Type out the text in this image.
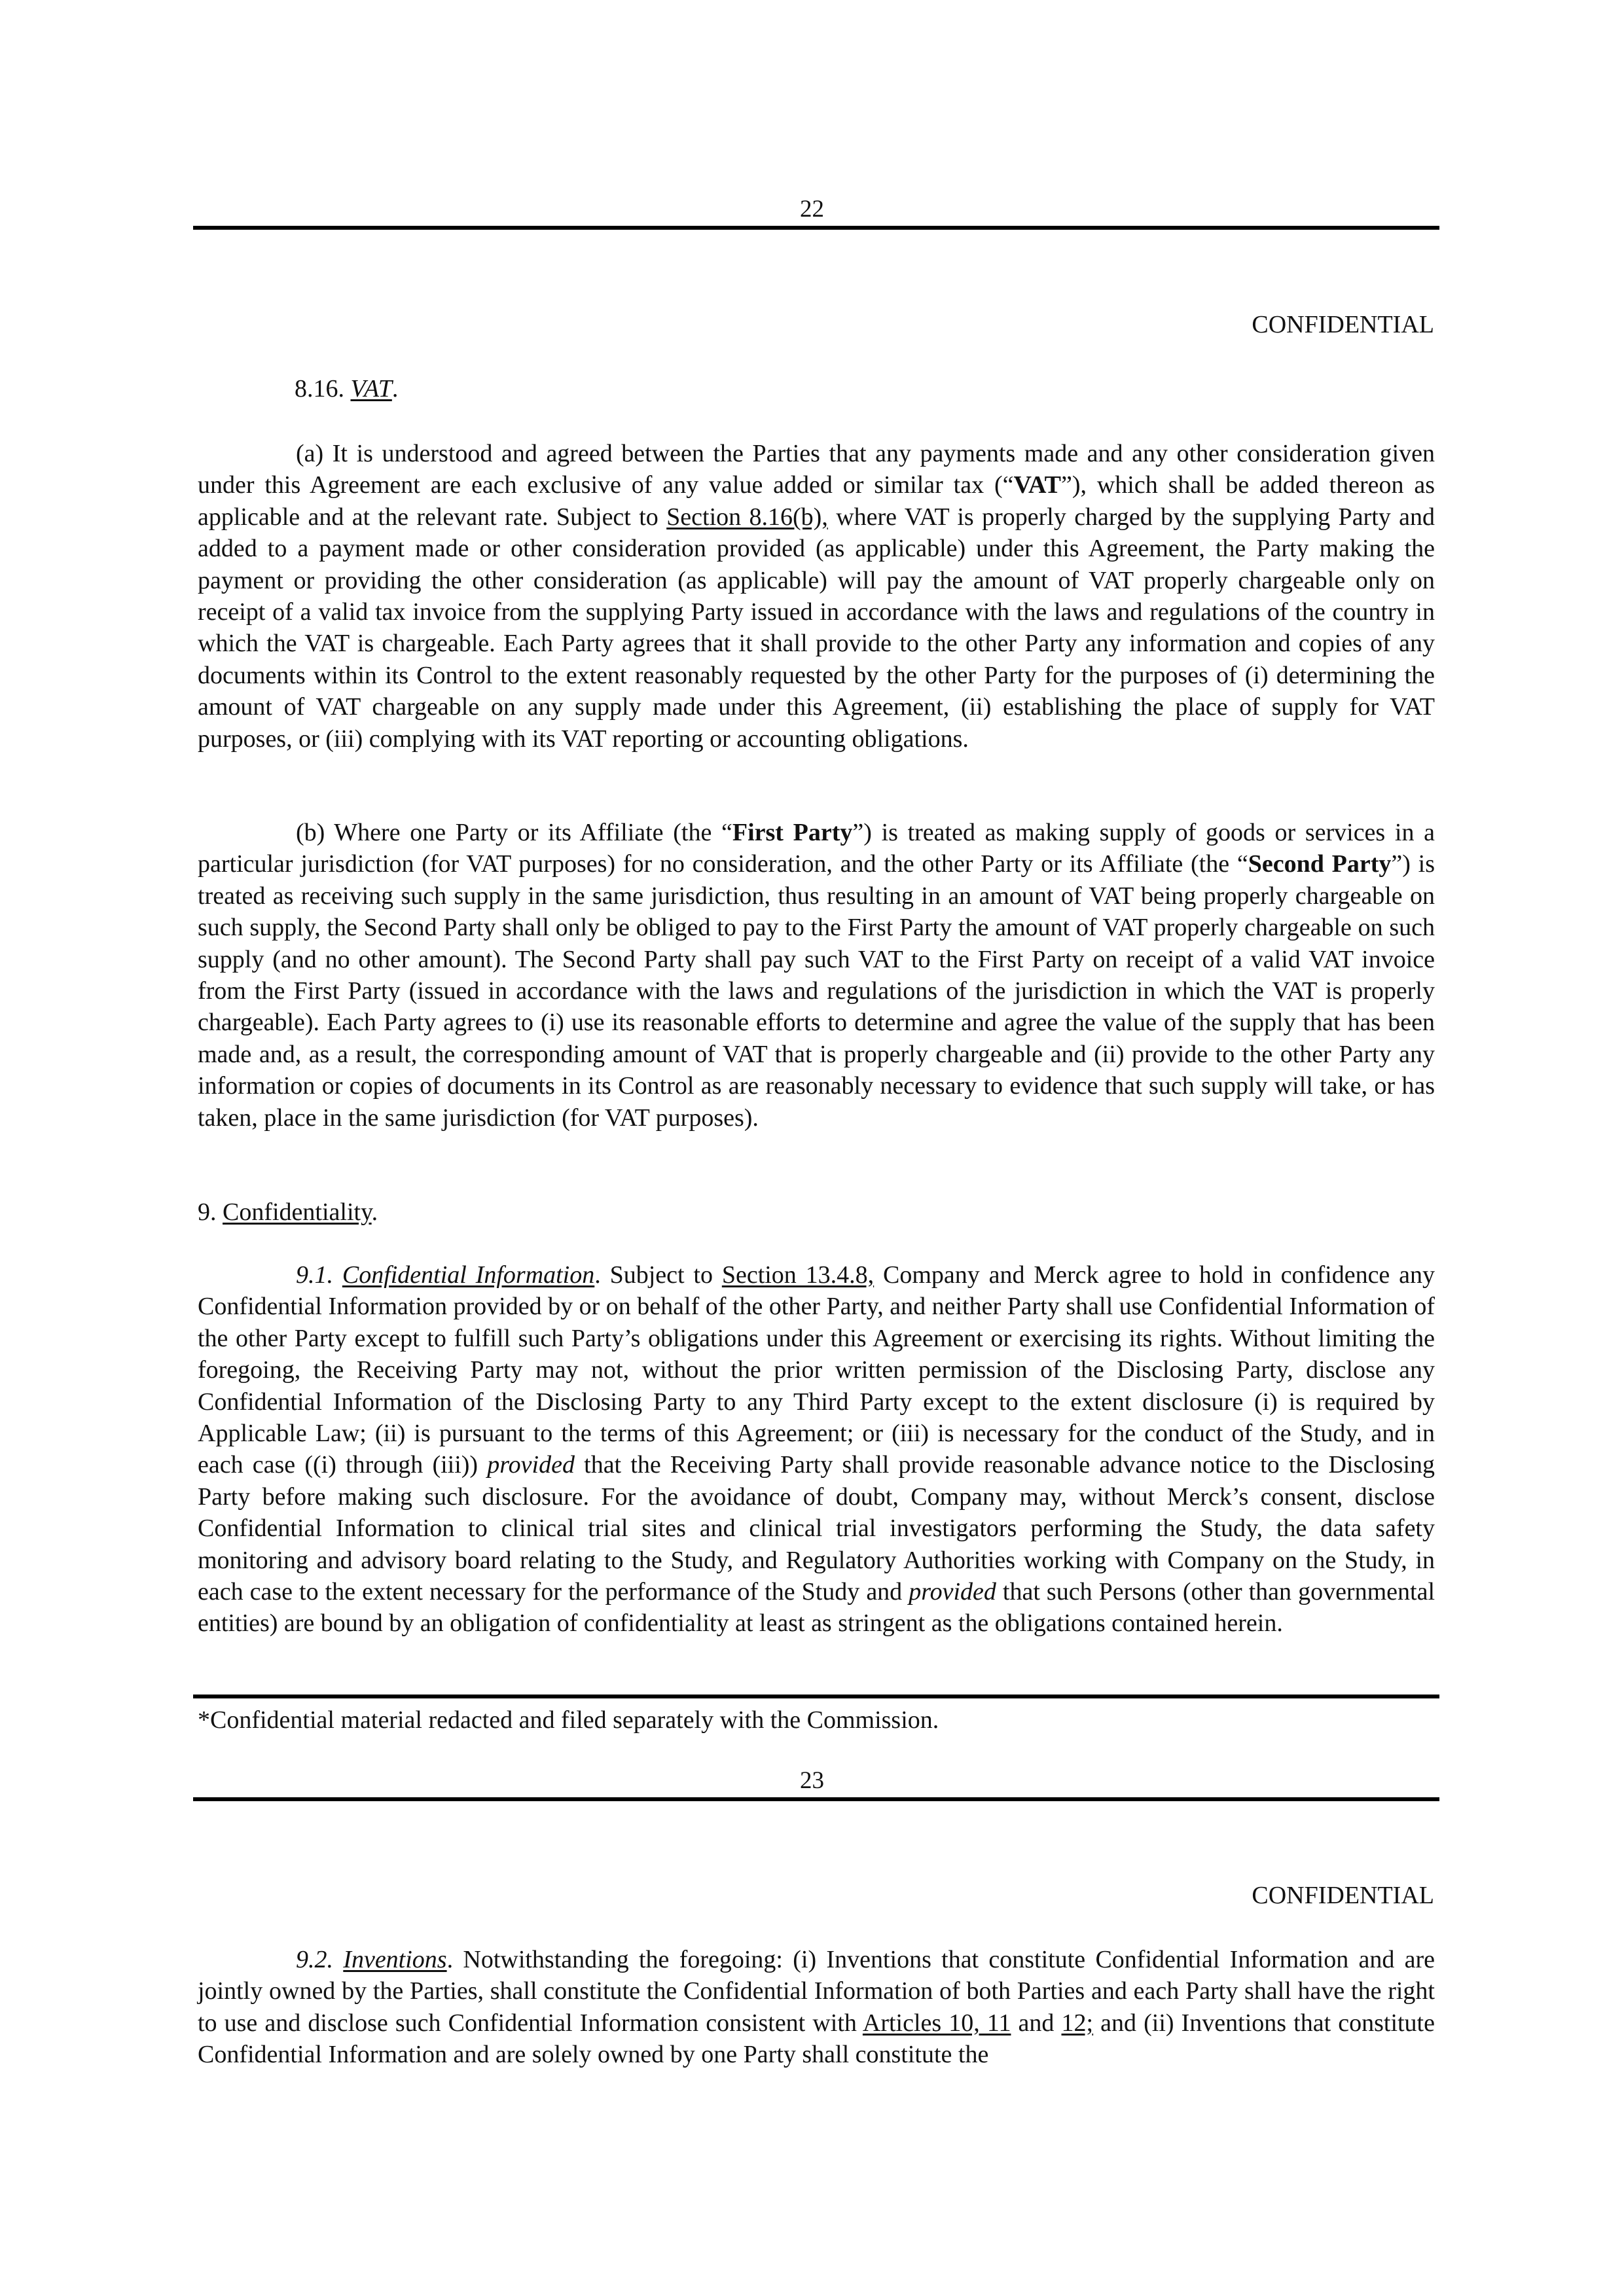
22
CONFIDENTIAL
8.16. VAT.

(a) It is understood and agreed between the Parties that any payments made and any other consideration given under this Agreement are each exclusive of any value added or similar tax (“VAT”), which shall be added thereon as applicable and at the relevant rate. Subject to Section 8.16(b), where VAT is properly charged by the supplying Party and added to a payment made or other consideration provided (as applicable) under this Agreement, the Party making the payment or providing the other consideration (as applicable) will pay the amount of VAT properly chargeable only on receipt of a valid tax invoice from the supplying Party issued in accordance with the laws and regulations of the country in which the VAT is chargeable. Each Party agrees that it shall provide to the other Party any information and copies of any documents within its Control to the extent reasonably requested by the other Party for the purposes of (i) determining the amount of VAT chargeable on any supply made under this Agreement, (ii) establishing the place of supply for VAT purposes, or (iii) complying with its VAT reporting or accounting obligations.

(b) Where one Party or its Affiliate (the “First Party”) is treated as making supply of goods or services in a particular jurisdiction (for VAT purposes) for no consideration, and the other Party or its Affiliate (the “Second Party”) is treated as receiving such supply in the same jurisdiction, thus resulting in an amount of VAT being properly chargeable on such supply, the Second Party shall only be obliged to pay to the First Party the amount of VAT properly chargeable on such supply (and no other amount). The Second Party shall pay such VAT to the First Party on receipt of a valid VAT invoice from the First Party (issued in accordance with the laws and regulations of the jurisdiction in which the VAT is properly chargeable). Each Party agrees to (i) use its reasonable efforts to determine and agree the value of the supply that has been made and, as a result, the corresponding amount of VAT that is properly chargeable and (ii) provide to the other Party any information or copies of documents in its Control as are reasonably necessary to evidence that such supply will take, or has taken, place in the same jurisdiction (for VAT purposes).

9. Confidentiality.

9.1. Confidential Information. Subject to Section 13.4.8, Company and Merck agree to hold in confidence any Confidential Information provided by or on behalf of the other Party, and neither Party shall use Confidential Information of the other Party except to fulfill such Party’s obligations under this Agreement or exercising its rights. Without limiting the foregoing, the Receiving Party may not, without the prior written permission of the Disclosing Party, disclose any Confidential Information of the Disclosing Party to any Third Party except to the extent disclosure (i) is required by Applicable Law; (ii) is pursuant to the terms of this Agreement; or (iii) is necessary for the conduct of the Study, and in each case ((i) through (iii)) provided that the Receiving Party shall provide reasonable advance notice to the Disclosing Party before making such disclosure. For the avoidance of doubt, Company may, without Merck’s consent, disclose Confidential Information to clinical trial sites and clinical trial investigators performing the Study, the data safety monitoring and advisory board relating to the Study, and Regulatory Authorities working with Company on the Study, in each case to the extent necessary for the performance of the Study and provided that such Persons (other than governmental entities) are bound by an obligation of confidentiality at least as stringent as the obligations contained herein.

*Confidential material redacted and filed separately with the Commission.
23
CONFIDENTIAL

9.2. Inventions. Notwithstanding the foregoing: (i) Inventions that constitute Confidential Information and are jointly owned by the Parties, shall constitute the Confidential Information of both Parties and each Party shall have the right to use and disclose such Confidential Information consistent with Articles 10, 11 and 12; and (ii) Inventions that constitute Confidential Information and are solely owned by one Party shall constitute the
